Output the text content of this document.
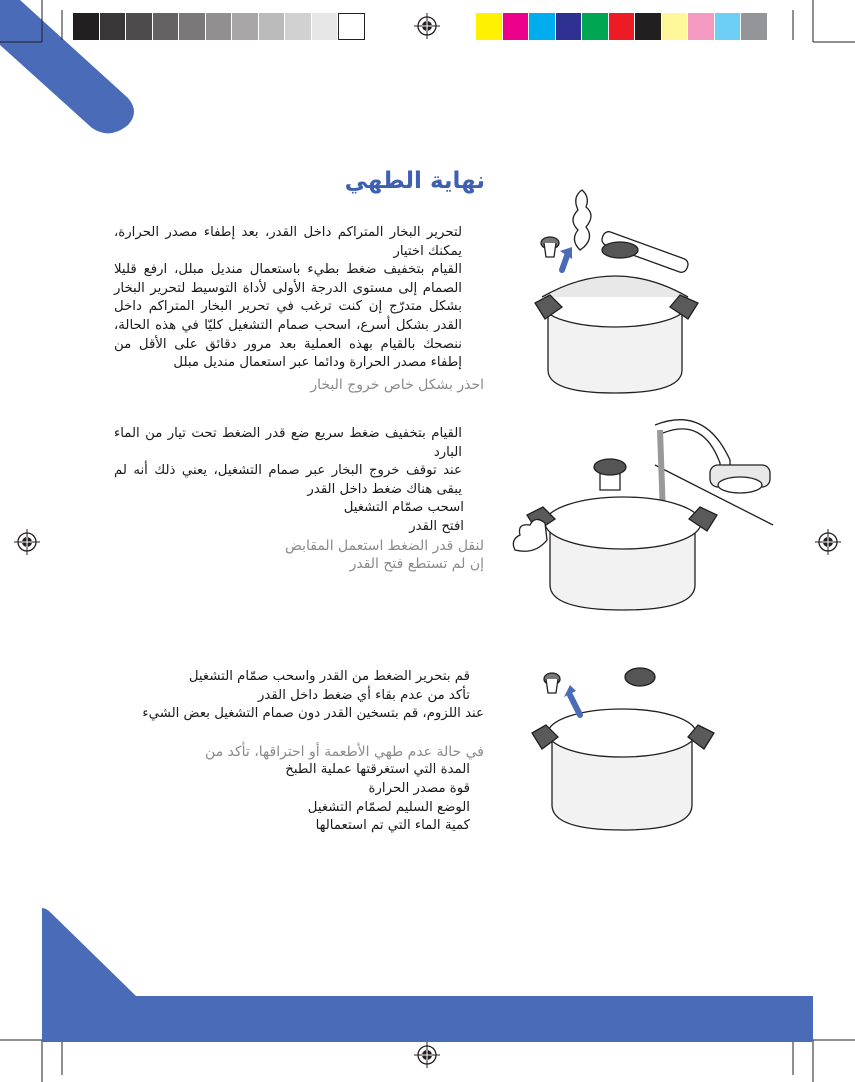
نهاية الطهي

لتحرير البخار المتراكم داخل القدر، بعد إطفاء مصدر الحرارة، يمكنك اختيار

القيام بتخفيف ضغط بطيء باستعمال منديل مبلل، ارفع قليلا الصمام إلى مستوى الدرجة الأولى لأداة التوسيط لتحرير البخار بشكل متدرّج إن كنت ترغب في تحرير البخار المتراكم داخل القدر بشكل أسرع، اسحب صمام التشغيل كليّا في هذه الحالة، ننصحك بالقيام بهذه العملية بعد مرور دقائق على الأقل من إطفاء مصدر الحرارة ودائما عبر استعمال منديل مبلل

احذر بشكل خاص خروج البخار

القيام بتخفيف ضغط سريع ضع قدر الضغط تحت تيار من الماء البارد

عند توقف خروج البخار عبر صمام التشغيل، يعني ذلك أنه لم يبقى هناك ضغط داخل القدر

اسحب صمّام التشغيل

افتح القدر

لنقل قدر الضغط استعمل المقابض

إن لم تستطع فتح القدر

قم بتحرير الضغط من القدر واسحب صمّام التشغيل

تأكد من عدم بقاء أي ضغط داخل القدر

عند اللزوم، قم بتسخين القدر دون صمام التشغيل بعض الشيء

في حالة عدم طهي الأطعمة أو احتراقها، تأكد من

المدة التي استغرقتها عملية الطبخ

قوة مصدر الحرارة

الوضع السليم لصمّام التشغيل

كمية الماء التي تم استعمالها
